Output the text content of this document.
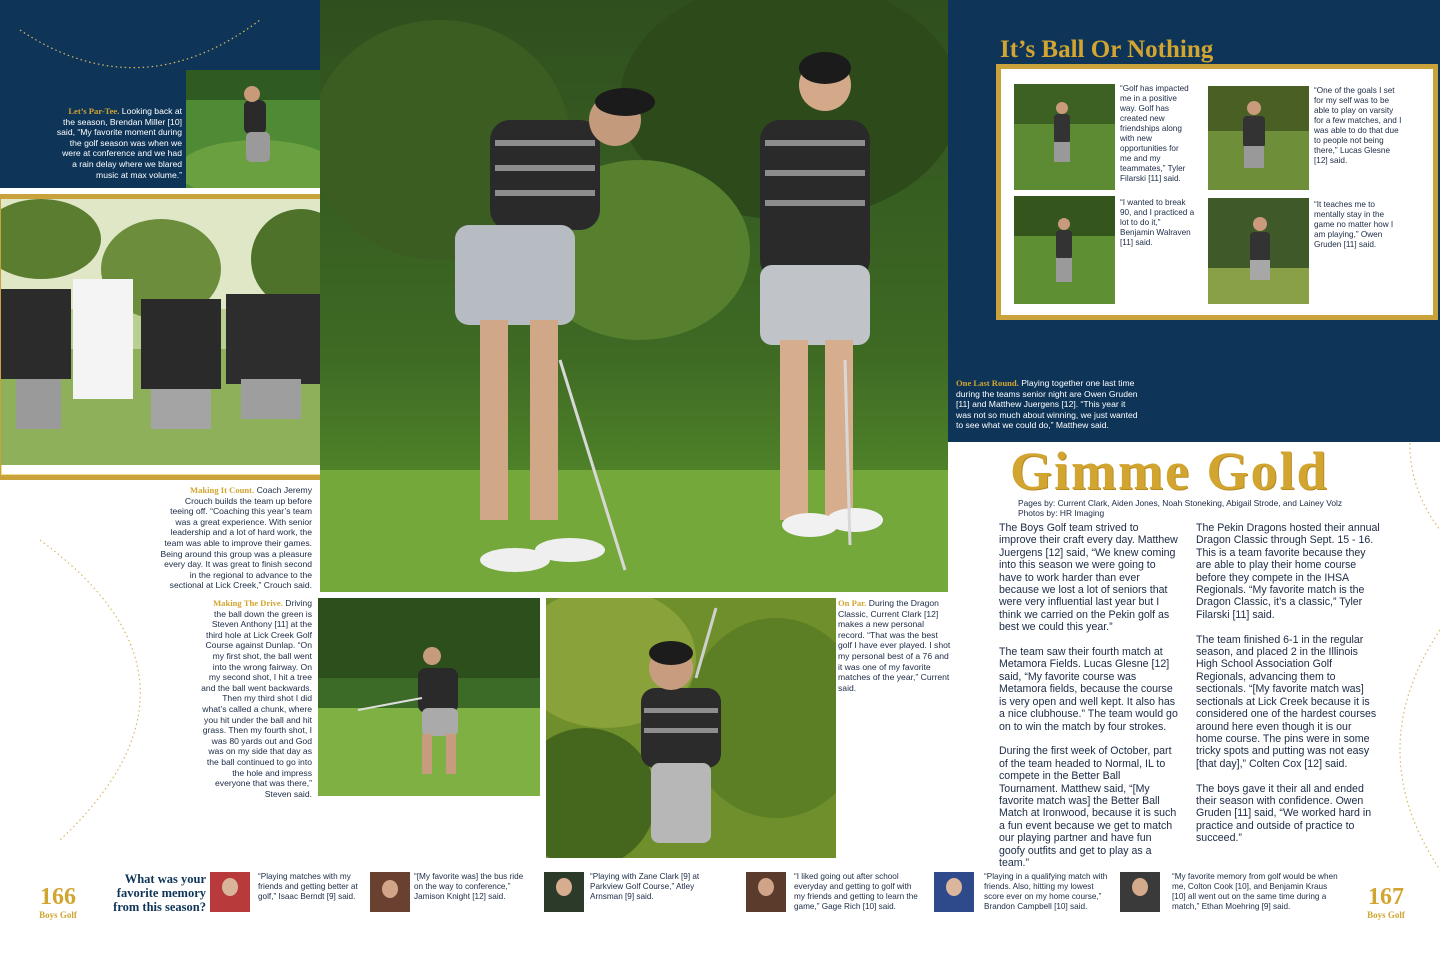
Let’s Par-Tee. Looking back at the season, Brendan Miller [10] said, “My favorite moment during the golf season was when we were at conference and we had a rain delay where we blared music at max volume.”
Making It Count. Coach Jeremy Crouch builds the team up before teeing off. “Coaching this year’s team was a great experience. With senior leadership and a lot of hard work, the team was able to improve their games. Being around this group was a pleasure every day. It was great to finish second in the regional to advance to the sectional at Lick Creek,” Crouch said.
Making The Drive. Driving the ball down the green is Steven Anthony [11] at the third hole at Lick Creek Golf Course against Dunlap. “On my first shot, the ball went into the wrong fairway. On my second shot, I hit a tree and the ball went backwards. Then my third shot I did what’s called a chunk, where you hit under the ball and hit grass. Then my fourth shot, I was 80 yards out and God was on my side that day as the ball continued to go into the hole and impress everyone that was there,” Steven said.
On Par. During the Dragon Classic, Current Clark [12] makes a new personal record. “That was the best golf I have ever played. I shot my personal best of a 76 and it was one of my favorite matches of the year,” Current said.
It’s Ball Or Nothing
“Golf has impacted me in a positive way. Golf has created new friendships along with new opportunities for me and my teammates,” Tyler Filarski [11] said.
“One of the goals I set for my self was to be able to play on varsity for a few matches, and I was able to do that due to people not being there,” Lucas Glesne [12] said.
“I wanted to break 90, and I practiced a lot to do it,” Benjamin Walraven [11] said.
“It teaches me to mentally stay in the game no matter how I am playing,” Owen Gruden [11] said.
One Last Round. Playing together one last time during the teams senior night are Owen Gruden [11] and Matthew Juergens [12]. “This year it was not so much about winning, we just wanted to see what we could do,” Matthew said.
Gimme Gold
Pages by: Current Clark, Aiden Jones, Noah Stoneking, Abigail Strode, and Lainey Volz
Photos by: HR Imaging
The Boys Golf team strived to improve their craft every day. Matthew Juergens [12] said, “We knew coming into this season we were going to have to work harder than ever because we lost a lot of seniors that were very influential last year but I think we carried on the Pekin golf as best we could this year.”

The team saw their fourth match at Metamora Fields. Lucas Glesne [12] said, “My favorite course was Metamora fields, because the course is very open and well kept. It also has a nice clubhouse.” The team would go on to win the match by four strokes.

During the first week of October, part of the team headed to Normal, IL to compete in the Better Ball Tournament. Matthew said, “[My favorite match was] the Better Ball Match at Ironwood, because it is such a fun event because we get to match our playing partner and have fun goofy outfits and get to play as a team.”
The Pekin Dragons hosted their annual Dragon Classic through Sept. 15 - 16. This is a team favorite because they are able to play their home course before they compete in the IHSA Regionals. “My favorite match is the Dragon Classic, it’s a classic,” Tyler Filarski [11] said.

The team finished 6-1 in the regular season, and placed 2 in the Illinois High School Association Golf Regionals, advancing them to sectionals. “[My favorite match was] sectionals at Lick Creek because it is considered one of the hardest courses around here even though it is our home course. The pins were in some tricky spots and putting was not easy [that day],” Colten Cox [12] said.

The boys gave it their all and ended their season with confidence. Owen Gruden [11] said, “We worked hard in practice and outside of practice to succeed.”
166
Boys Golf
What was your favorite memory from this season?
“Playing matches with my friends and getting better at golf,” Isaac Berndt [9] said.
“[My favorite was] the bus ride on the way to conference,” Jamison Knight [12] said.
“Playing with Zane Clark [9] at Parkview Golf Course,” Atley Arnsman [9] said.
“I liked going out after school everyday and getting to golf with my friends and getting to learn the game,” Gage Rich [10] said.
“Playing in a qualifying match with friends. Also, hitting my lowest score ever on my home course,” Brandon Campbell [10] said.
“My favorite memory from golf would be when me, Colton Cook [10], and Benjamin Kraus [10] all went out on the same time during a match,” Ethan Moehring [9] said.	167
Boys Golf
